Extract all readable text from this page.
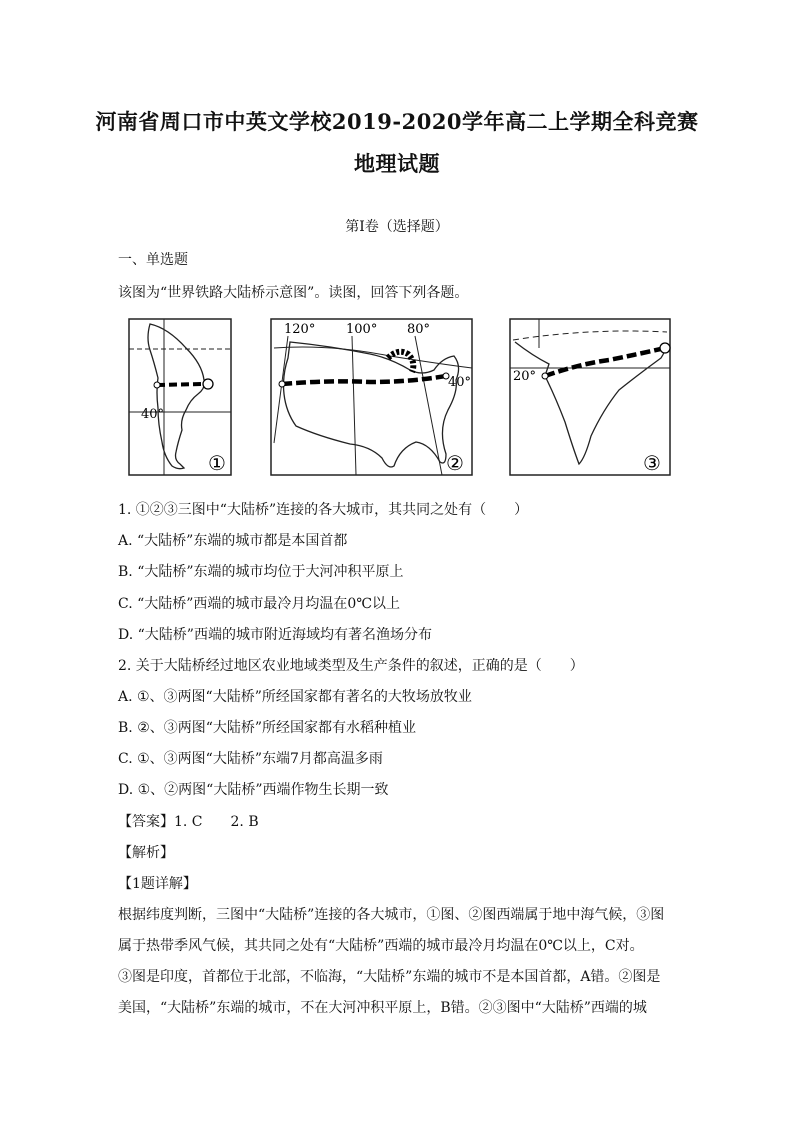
河南省周口市中英文学校2019-2020学年高二上学期全科竞赛
地理试题
第Ⅰ卷（选择题）
一、单选题
该图为“世界铁路大陆桥示意图”。读图，回答下列各题。
40°
①
120° 100° 80°
40°
②
20°
③
1. ①②③三图中“大陆桥”连接的各大城市，其共同之处有（　　）
A. “大陆桥”东端的城市都是本国首都
B. “大陆桥”东端的城市均位于大河冲积平原上
C. “大陆桥”西端的城市最冷月均温在0℃以上
D. “大陆桥”西端的城市附近海域均有著名渔场分布
2. 关于大陆桥经过地区农业地域类型及生产条件的叙述，正确的是（　　）
A. ①、③两图“大陆桥”所经国家都有著名的大牧场放牧业
B. ②、③两图“大陆桥”所经国家都有水稻种植业
C. ①、③两图“大陆桥”东端7月都高温多雨
D. ①、②两图“大陆桥”西端作物生长期一致
【答案】1. C　　2. B
【解析】
【1题详解】
根据纬度判断，三图中“大陆桥”连接的各大城市，①图、②图西端属于地中海气候，③图
属于热带季风气候，其共同之处有“大陆桥”西端的城市最冷月均温在0℃以上，C对。
③图是印度，首都位于北部，不临海，“大陆桥”东端的城市不是本国首都，A错。②图是
美国，“大陆桥”东端的城市，不在大河冲积平原上，B错。②③图中“大陆桥”西端的城
